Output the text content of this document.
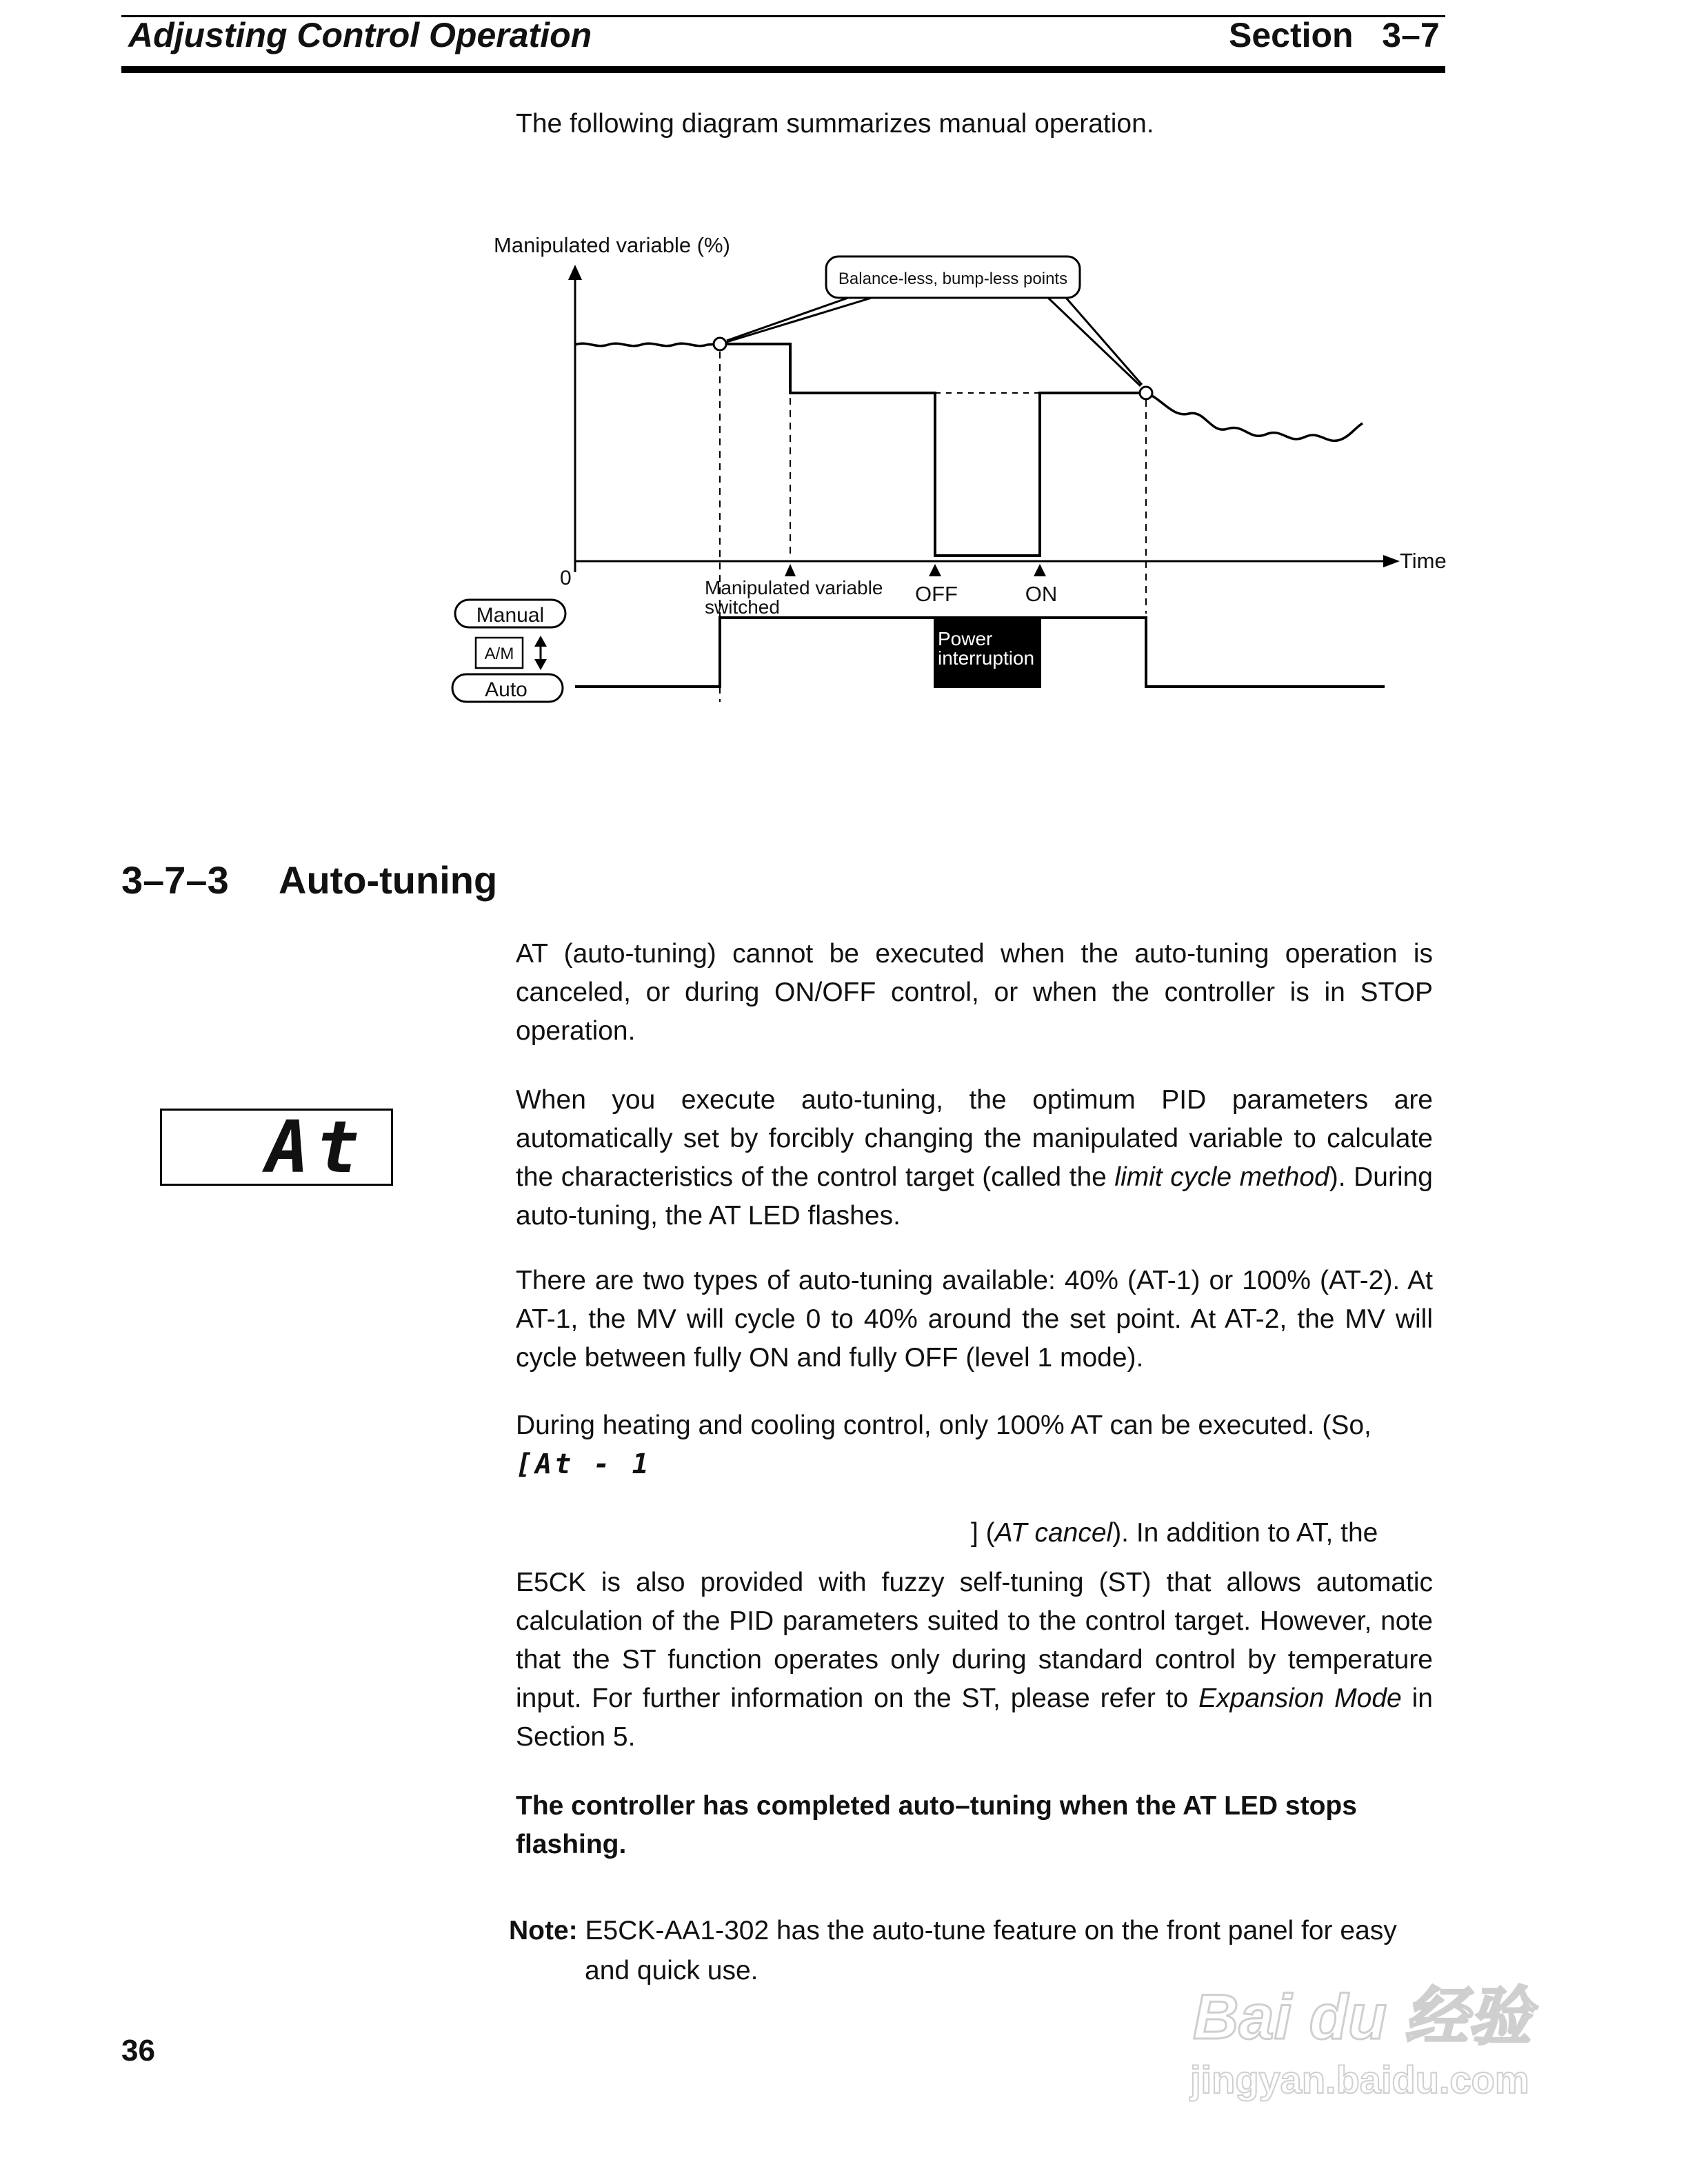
Adjusting Control Operation	Section   3–7
The following diagram summarizes manual operation.
Manipulated variable (%)
Balance-less, bump-less points
Time
0	Manipulated variable
switched
OFF	ON
Manual
A/M
Auto
Power
interruption
3–7–3 Auto-tuning
At
AT (auto-tuning) cannot be executed when the auto-tuning operation is canceled, or during ON/OFF control, or when the controller is in STOP operation.
When you execute auto-tuning, the optimum PID parameters are automatically set by forcibly changing the manipulated variable to calculate the characteristics of the control target (called the limit cycle method). During auto-tuning, the AT LED flashes.
There are two types of auto-tuning available: 40% (AT-1) or 100% (AT-2). At AT-1, the MV will cycle 0 to 40% around the set point. At AT-2, the MV will cycle between fully ON and fully OFF (level 1 mode).
During heating and cooling control, only 100% AT can be executed. (So,
[At - 1
] (AT cancel). In addition to AT, the
E5CK is also provided with fuzzy self-tuning (ST) that allows automatic calculation of the PID parameters suited to the control target. However, note that the ST function operates only during standard control by temperature input. For further information on the ST, please refer to Expansion Mode in Section 5.
The controller has completed auto–tuning when the AT LED stops flashing.
Note: E5CK-AA1-302 has the auto-tune feature on the front panel for easy and quick use.
36	Bai du 经验
jingyan.baidu.com
